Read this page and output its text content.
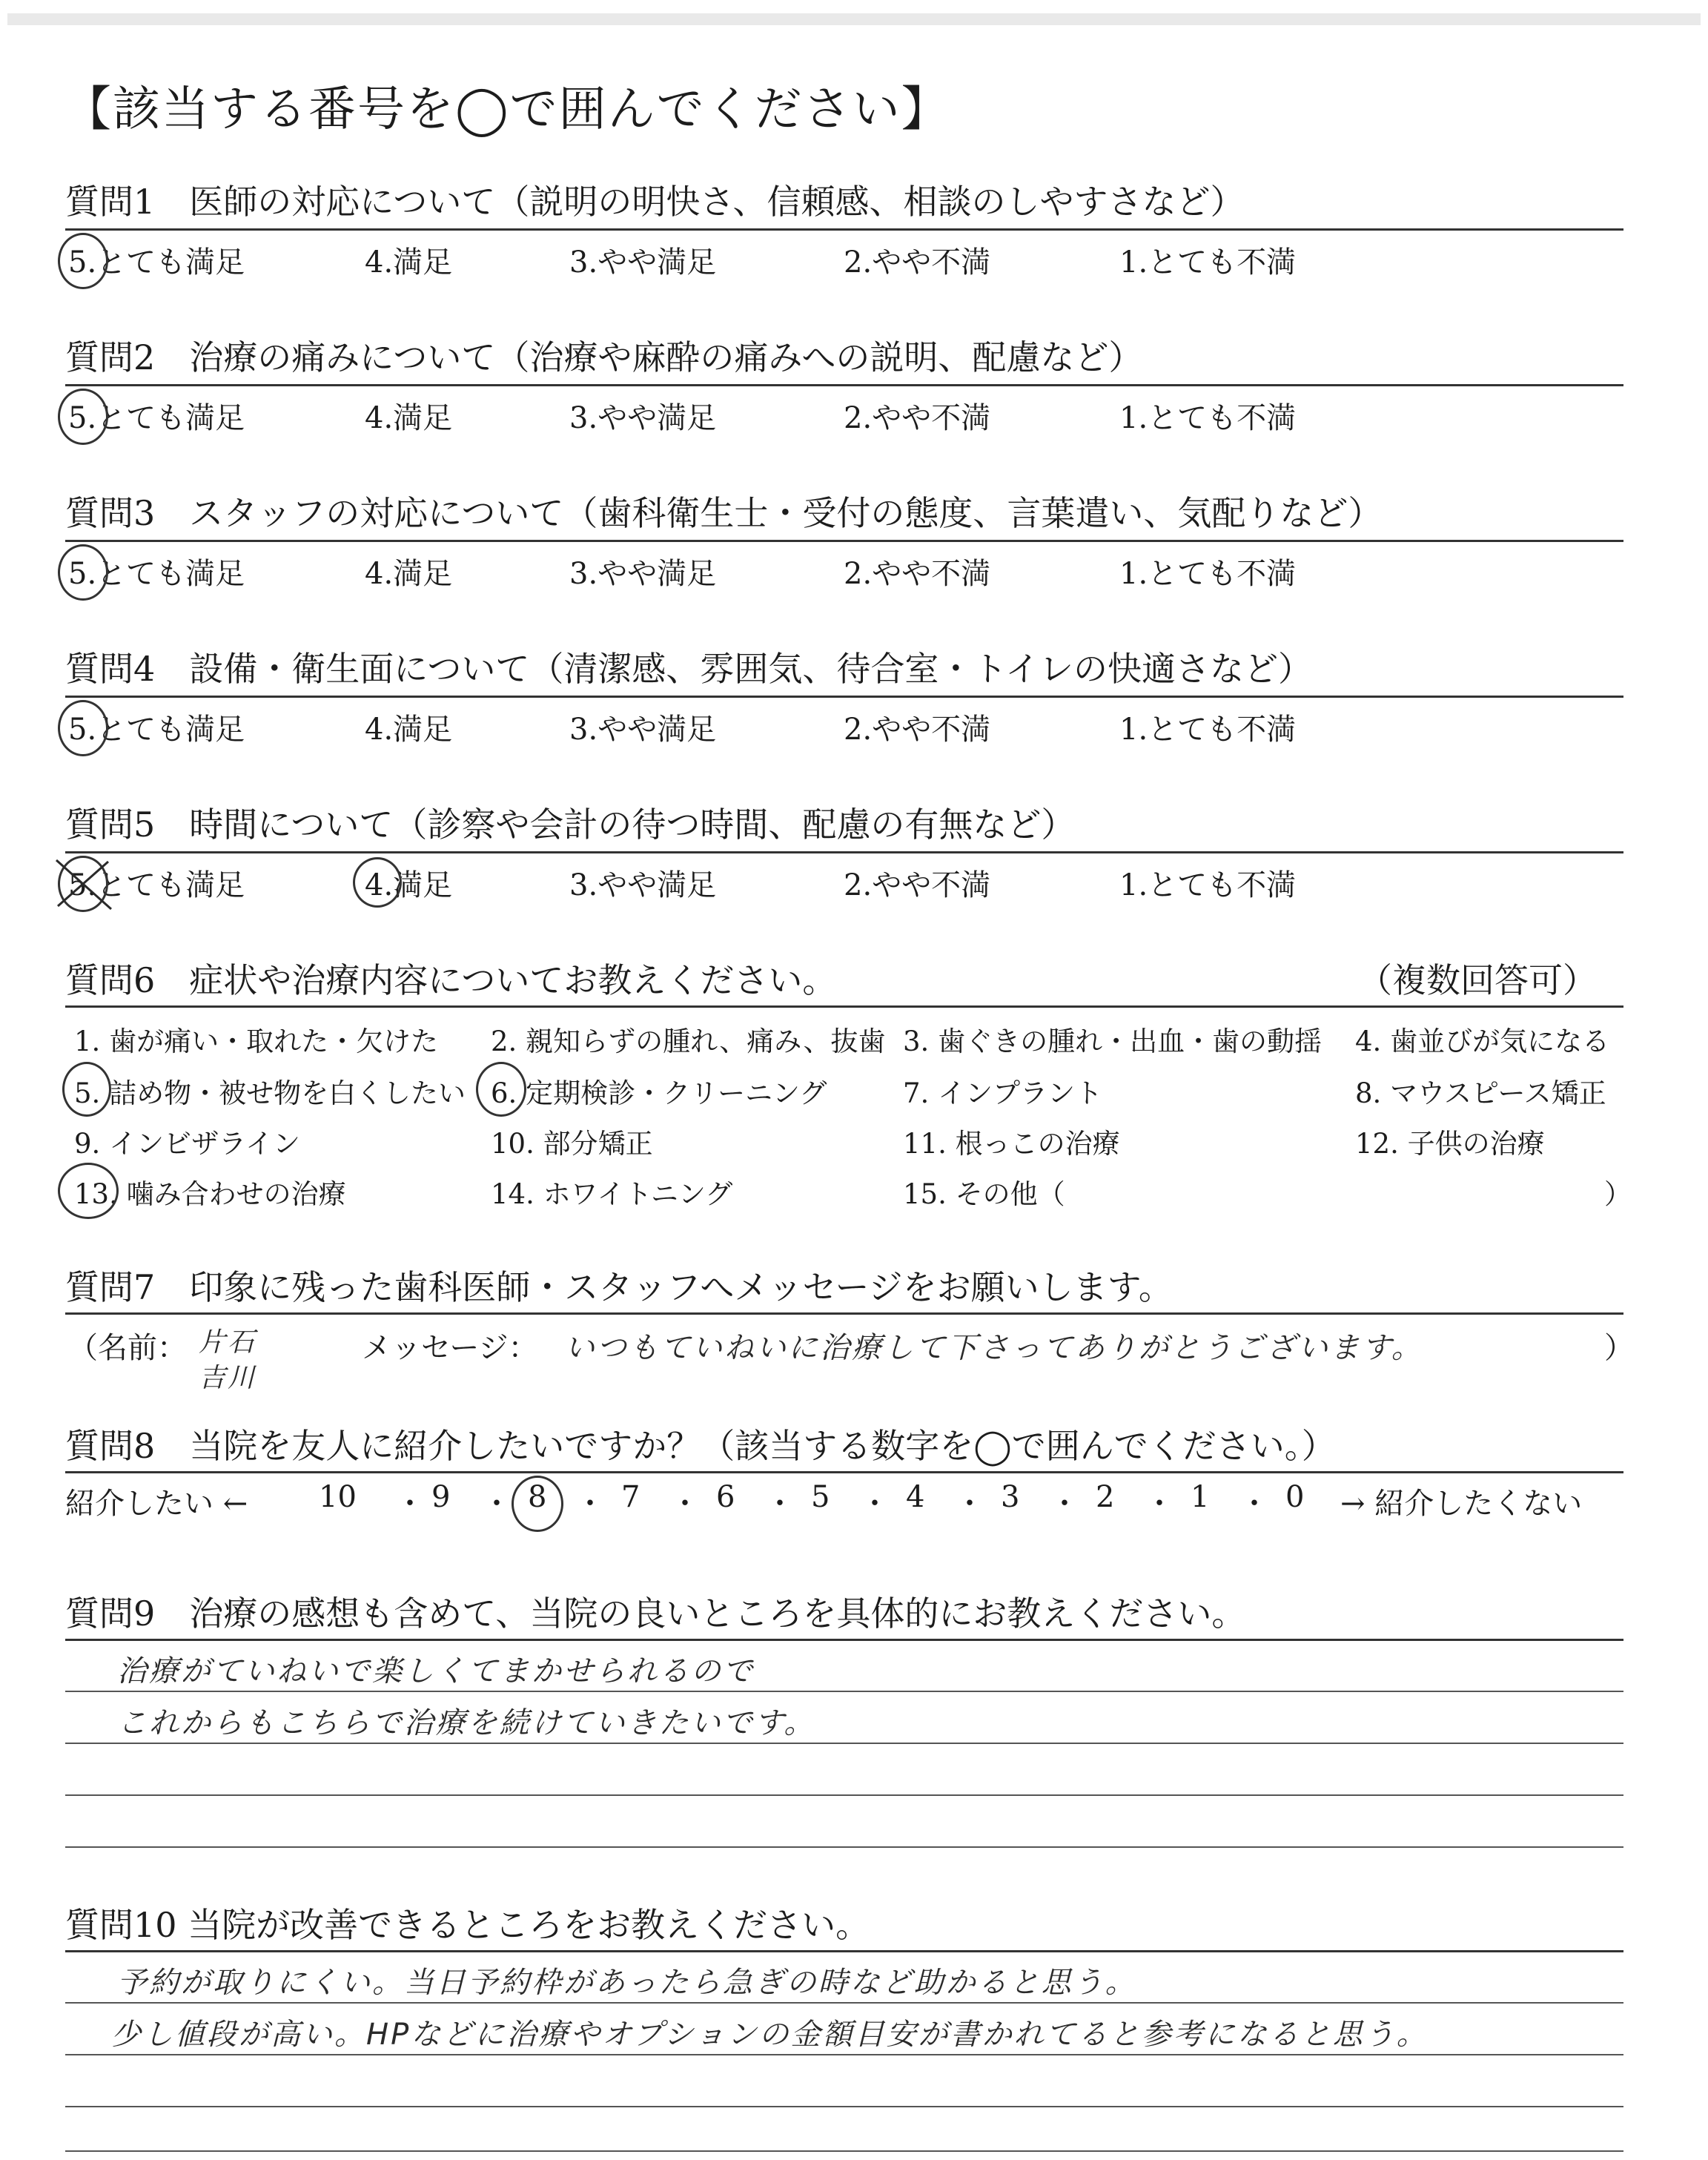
【該当する番号を◯で囲んでください】
質問1　医師の対応について（説明の明快さ、信頼感、相談のしやすさなど）
5.とても満足	4.満足	3.やや満足	2.やや不満	1.とても不満
質問2　治療の痛みについて（治療や麻酔の痛みへの説明、配慮など）
5.とても満足	4.満足	3.やや満足	2.やや不満	1.とても不満
質問3　スタッフの対応について（歯科衛生士・受付の態度、言葉遣い、気配りなど）
5.とても満足	4.満足	3.やや満足	2.やや不満	1.とても不満
質問4　設備・衛生面について（清潔感、雰囲気、待合室・トイレの快適さなど）
5.とても満足	4.満足	3.やや満足	2.やや不満	1.とても不満
質問5　時間について（診察や会計の待つ時間、配慮の有無など）
5.とても満足	4.満足	3.やや満足	2.やや不満	1.とても不満
質問6　症状や治療内容についてお教えください。	（複数回答可）
1. 歯が痛い・取れた・欠けた 2. 親知らずの腫れ、痛み、抜歯 3. 歯ぐきの腫れ・出血・歯の動揺 4. 歯並びが気になる
5. 詰め物・被せ物を白くしたい 6. 定期検診・クリーニング	7. インプラント	8. マウスピース矯正
9. インビザライン	10. 部分矯正	11. 根っこの治療	12. 子供の治療
13. 噛み合わせの治療	14. ホワイトニング	15. その他（	）
質問7　印象に残った歯科医師・スタッフへメッセージをお願いします。
（名前： 片石
吉川
メッセージ： いつもていねいに治療して下さってありがとうございます。	）
質問8　当院を友人に紹介したいですか？（該当する数字を◯で囲んでください。）
紹介したい ← 10 ・ 9 ・ 8 ・ 7 ・ 6 ・ 5 ・ 4 ・ 3 ・ 2 ・ 1 ・ 0 → 紹介したくない
質問9　治療の感想も含めて、当院の良いところを具体的にお教えください。
治療がていねいで楽しくてまかせられるので
これからもこちらで治療を続けていきたいです。
質問10 当院が改善できるところをお教えください。
予約が取りにくい。当日予約枠があったら急ぎの時など助かると思う。
少し値段が高い。HPなどに治療やオプションの金額目安が書かれてると参考になると思う。
